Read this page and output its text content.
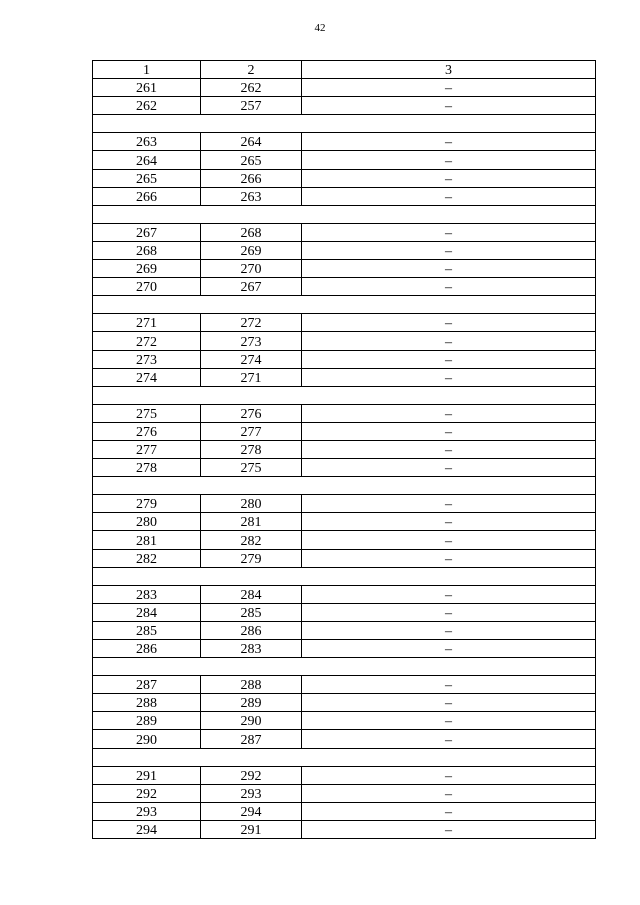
42
1	2	3
261	262	–
262	257	–

263	264	–
264	265	–
265	266	–
266	263	–

267	268	–
268	269	–
269	270	–
270	267	–

271	272	–
272	273	–
273	274	–
274	271	–

275	276	–
276	277	–
277	278	–
278	275	–

279	280	–
280	281	–
281	282	–
282	279	–

283	284	–
284	285	–
285	286	–
286	283	–

287	288	–
288	289	–
289	290	–
290	287	–

291	292	–
292	293	–
293	294	–
294	291	–
